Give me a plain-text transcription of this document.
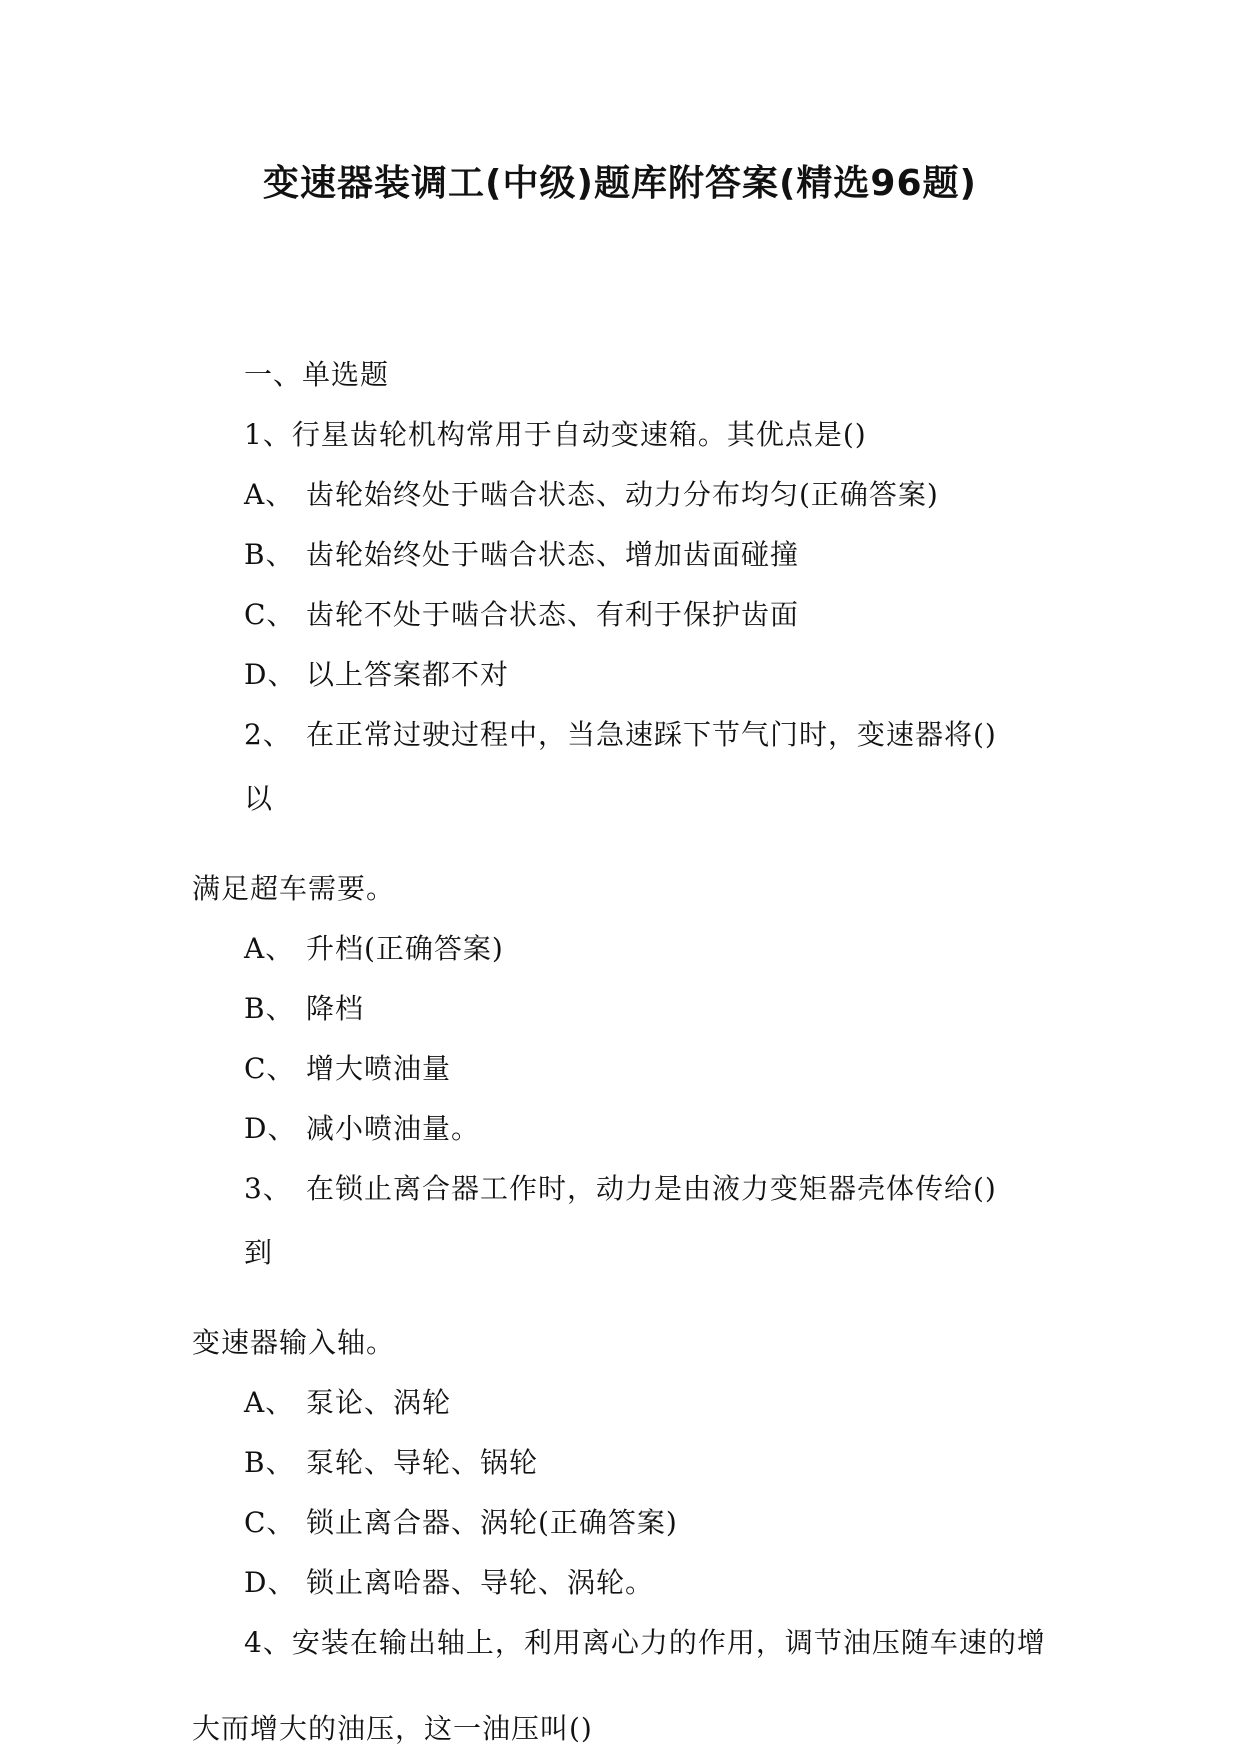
变速器装调工(中级)题库附答案(精选96题)
一、单选题
1、行星齿轮机构常用于自动变速箱。其优点是()
A、 齿轮始终处于啮合状态、动力分布均匀(正确答案)
B、 齿轮始终处于啮合状态、增加齿面碰撞
C、 齿轮不处于啮合状态、有利于保护齿面
D、 以上答案都不对
2、 在正常过驶过程中，当急速踩下节气门时，变速器将()
以
满足超车需要。
A、 升档(正确答案)
B、 降档
C、 增大喷油量
D、 减小喷油量。
3、 在锁止离合器工作时，动力是由液力变矩器壳体传给()
到
变速器输入轴。
A、 泵论、涡轮
B、 泵轮、导轮、锅轮
C、 锁止离合器、涡轮(正确答案)
D、 锁止离哈器、导轮、涡轮。
4、安装在输出轴上，利用离心力的作用，调节油压随车速的增
大而增大的油压，这一油压叫()
